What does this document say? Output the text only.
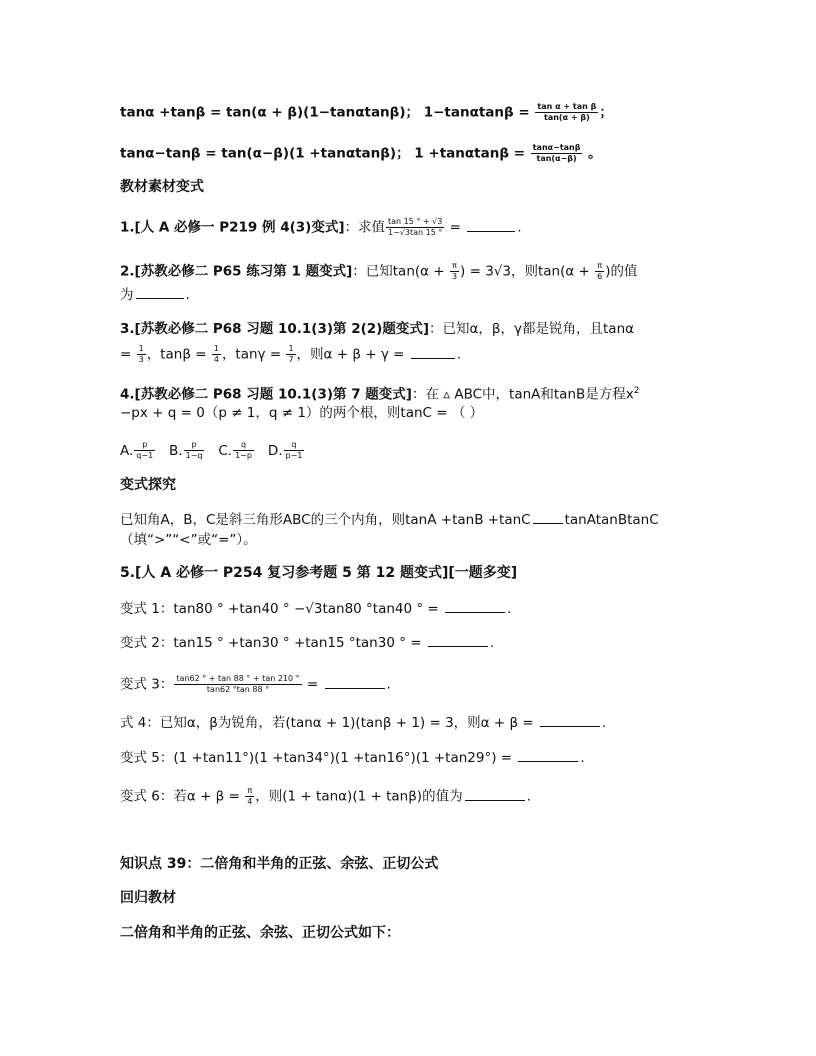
tanα +tanβ = tan(α + β)(1−tanαtanβ)； $1-\tan\alpha\tan\beta = \frac{\text{tan α + tan β}}{\tan(\alpha + \beta)}$ ；
tanα−tanβ = tan(α−β)(1 +tanαtanβ)； $1 +\tan\alpha\tan\beta = \frac{\tan\alpha-\tan\beta}{\tan(\alpha-\beta)}$ 。
教材素材变式
1.[人 A 必修一 P219 例 4(3)变式]：求值 $\frac{\tan 15 ^\circ + √3}{1-√3\tan 15 ^\circ}$ =	.
2.[苏教必修二 P65 练习第 1 题变式]：已知$\tan(\alpha + \frac{\pi}{3}$ ) = 3√3，则$\tan(\alpha + \frac{\pi}{6}$ )的值
为	.
3.[苏教必修二 P68 习题 10.1(3)第 2(2)题变式]：已知α，β，γ都是锐角，且tanα
= $\frac{1}{3}$ ，$\tan\beta = \frac{1}{4}$ ，$\tan\gamma = \frac{1}{7}$ ，则α + β + γ =	.
4.[苏教必修二 P68 习题 10.1(3)第 7 题变式]：在 ▵ ABC中，tanA和tanB是方程$x^2$
−px + q = 0（p ≠ 1，q ≠ 1）的两个根，则tanC = （ ）
A. $\frac{p}{q-1} B$. $\frac{p}{1-q} C$. $\frac{q}{1-p} D$. $\frac{q}{p-1}$
变式探究
已知角A，B，C是斜三角形ABC的三个内角，则tanA +tanB +tanC	tanAtanBtanC
（填“>”“<”或“=”）。
5.[人 A 必修一 P254 复习参考题 5 第 12 题变式][一题多变]
变式 1：tan80 ° +tan40 ° −√3tan80 °tan40 ° =	.
变式 2：tan15 ° +tan30 ° +tan15 °tan30 ° =	.
变式 3： $\frac{\tan 62 ^\circ + \tan 88 ^\circ + \tan 210 ^\circ}{\tan 62 ^\circ\tan 88 ^\circ}$ =	.
式 4：已知α，β为锐角，若(tanα + 1)(tanβ + 1) = 3，则α + β =	.
变式 5：(1 +tan11°)(1 +tan34°)(1 +tan16°)(1 +tan29°) =	.
变式 6：若$\alpha + \beta = \frac{\pi}{4}$ ，则(1 + tanα)(1 + tanβ)的值为	.
知识点 39：二倍角和半角的正弦、余弦、正切公式
回归教材
二倍角和半角的正弦、余弦、正切公式如下：
